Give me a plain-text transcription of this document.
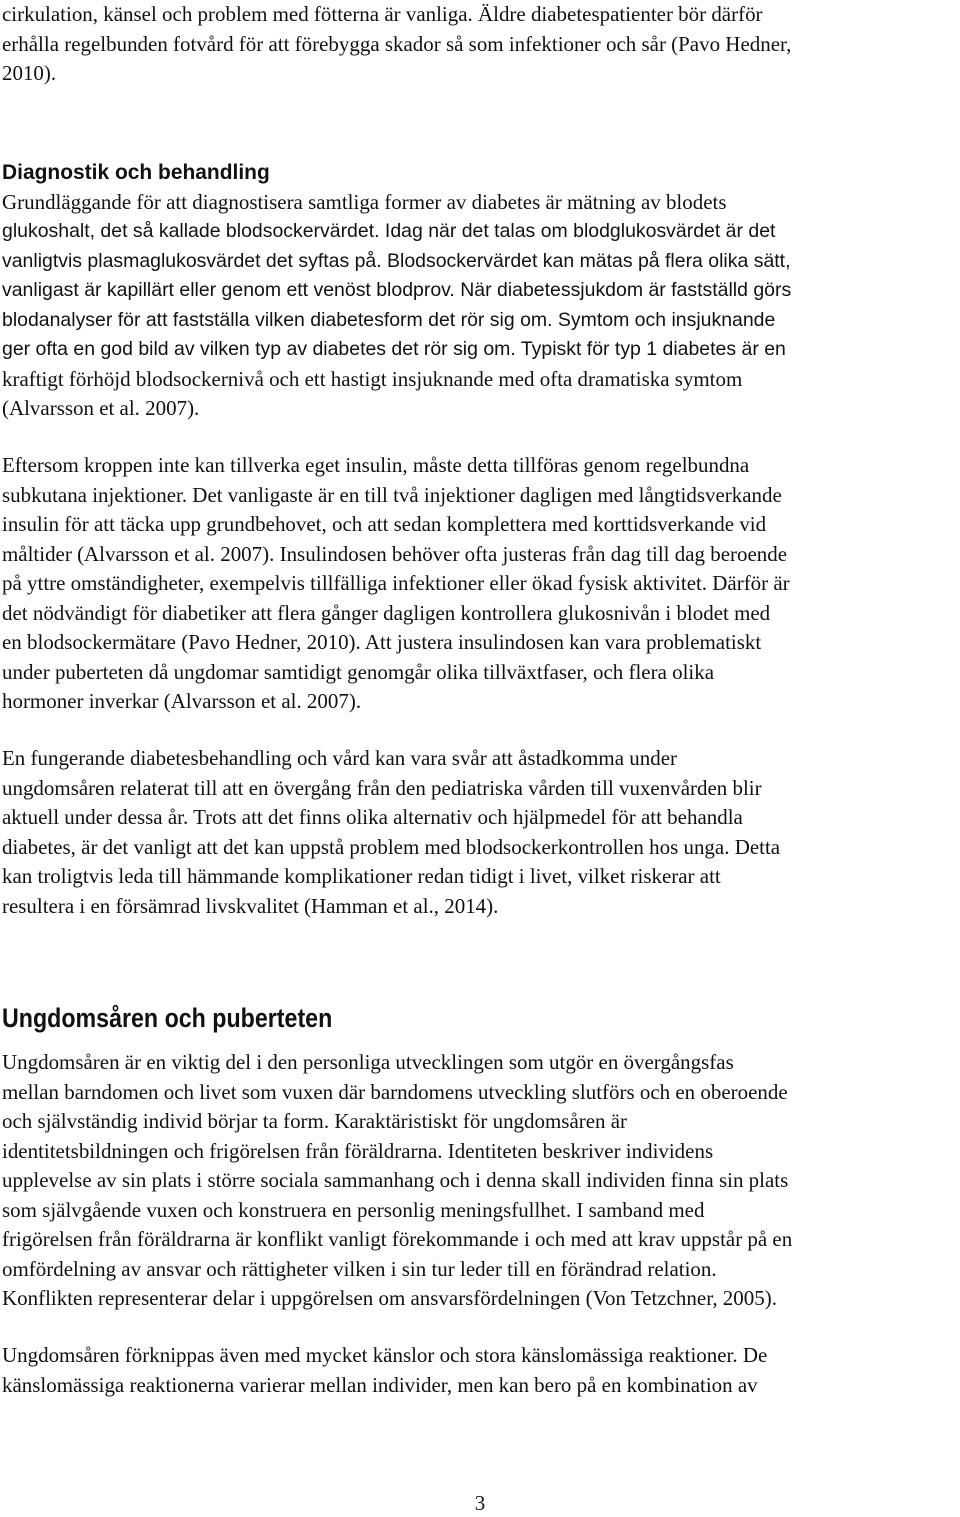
cirkulation, känsel och problem med fötterna är vanliga. Äldre diabetespatienter bör därför
erhålla regelbunden fotvård för att förebygga skador så som infektioner och sår (Pavo Hedner,
2010).
Diagnostik och behandling
Grundläggande för att diagnostisera samtliga former av diabetes är mätning av blodets
glukoshalt, det så kallade blodsockervärdet. Idag när det talas om blodglukosvärdet är det
vanligtvis plasmaglukosvärdet det syftas på. Blodsockervärdet kan mätas på flera olika sätt,
vanligast är kapillärt eller genom ett venöst blodprov. När diabetessjukdom är fastställd görs
blodanalyser för att fastställa vilken diabetesform det rör sig om. Symtom och insjuknande
ger ofta en god bild av vilken typ av diabetes det rör sig om. Typiskt för typ 1 diabetes är en
kraftigt förhöjd blodsockernivå och ett hastigt insjuknande med ofta dramatiska symtom
(Alvarsson et al. 2007).
Eftersom kroppen inte kan tillverka eget insulin, måste detta tillföras genom regelbundna
subkutana injektioner. Det vanligaste är en till två injektioner dagligen med långtidsverkande
insulin för att täcka upp grundbehovet, och att sedan komplettera med korttidsverkande vid
måltider (Alvarsson et al. 2007). Insulindosen behöver ofta justeras från dag till dag beroende
på yttre omständigheter, exempelvis tillfälliga infektioner eller ökad fysisk aktivitet. Därför är
det nödvändigt för diabetiker att flera gånger dagligen kontrollera glukosnivån i blodet med
en blodsockermätare (Pavo Hedner, 2010). Att justera insulindosen kan vara problematiskt
under puberteten då ungdomar samtidigt genomgår olika tillväxtfaser, och flera olika
hormoner inverkar (Alvarsson et al. 2007).
En fungerande diabetesbehandling och vård kan vara svår att åstadkomma under
ungdomsåren relaterat till att en övergång från den pediatriska vården till vuxenvården blir
aktuell under dessa år. Trots att det finns olika alternativ och hjälpmedel för att behandla
diabetes, är det vanligt att det kan uppstå problem med blodsockerkontrollen hos unga. Detta
kan troligtvis leda till hämmande komplikationer redan tidigt i livet, vilket riskerar att
resultera i en försämrad livskvalitet (Hamman et al., 2014).
Ungdomsåren och puberteten
Ungdomsåren är en viktig del i den personliga utvecklingen som utgör en övergångsfas
mellan barndomen och livet som vuxen där barndomens utveckling slutförs och en oberoende
och självständig individ börjar ta form. Karaktäristiskt för ungdomsåren är
identitetsbildningen och frigörelsen från föräldrarna. Identiteten beskriver individens
upplevelse av sin plats i större sociala sammanhang och i denna skall individen finna sin plats
som självgående vuxen och konstruera en personlig meningsfullhet. I samband med
frigörelsen från föräldrarna är konflikt vanligt förekommande i och med att krav uppstår på en
omfördelning av ansvar och rättigheter vilken i sin tur leder till en förändrad relation.
Konflikten representerar delar i uppgörelsen om ansvarsfördelningen (Von Tetzchner, 2005).
Ungdomsåren förknippas även med mycket känslor och stora känslomässiga reaktioner. De
känslomässiga reaktionerna varierar mellan individer, men kan bero på en kombination av
3
